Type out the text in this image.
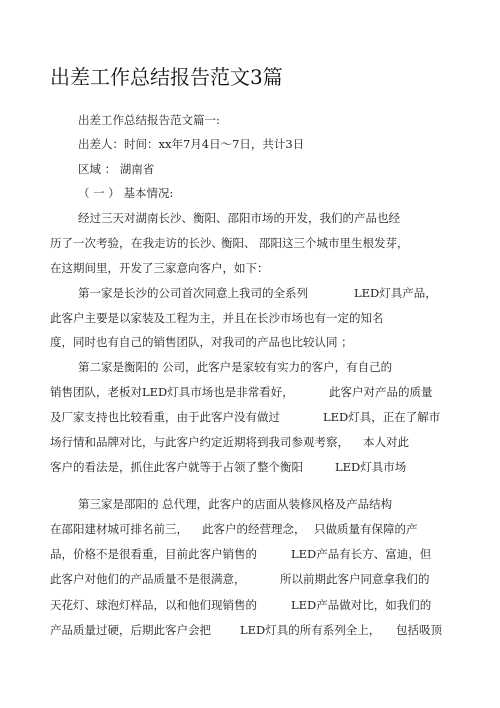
出差工作总结报告范文3篇
出差工作总结报告范文篇一:
出差人：时间：xx年7月4日〜7日，共计3日
区域 ： 湖南省
（ 一 ） 基本情况:
经过三天对湖南长沙、衡阳、邵阳市场的开发，我们的产品也经
历了一次考验， 在我走访的长沙、
衡阳、 邵阳这三个城市里生根发芽，
在这期间里，开发了三家意向客户，如下：
第一家是长沙的公司首次同意上我司的全系列	LED灯具产品，
此客户主要是以家装及工程为主，并且在长沙市场也有一定的知名
度，同时也有自己的销售团队，对我司的产品也比较认同 ；
第二家是衡阳的 公司，此客户是家较有实力的客户，有自己的
销售团队，老板对LED灯具市场也是非常看好，	此客户对产品的质量
及厂家支持也比较看重，由于此客户没有做过	LED灯具，正在了解市
场行情和品牌对比，与此客户约定近期将到我司参观考察， 本人对此
客户的看法是，抓住此客户就等于占领了整个衡阳	LED灯具市场
第三家是邵阳的 总代理，此客户的店面从装修风格及产品结构
在邵阳建材城可排名前三， 此客户的经营理念， 只做质量有保障的产
品，价格不是很看重，目前此客户销售的	LED产品有长方、富迪，但
此客户对他们的产品质量不是很满意，	所以前期此客户同意拿我们的
天花灯、球泡灯样品，以和他们现销售的	LED产品做对比，如我们的
产品质量过硬，后期此客户会把	LED灯具的所有系列全上， 包括吸顶
